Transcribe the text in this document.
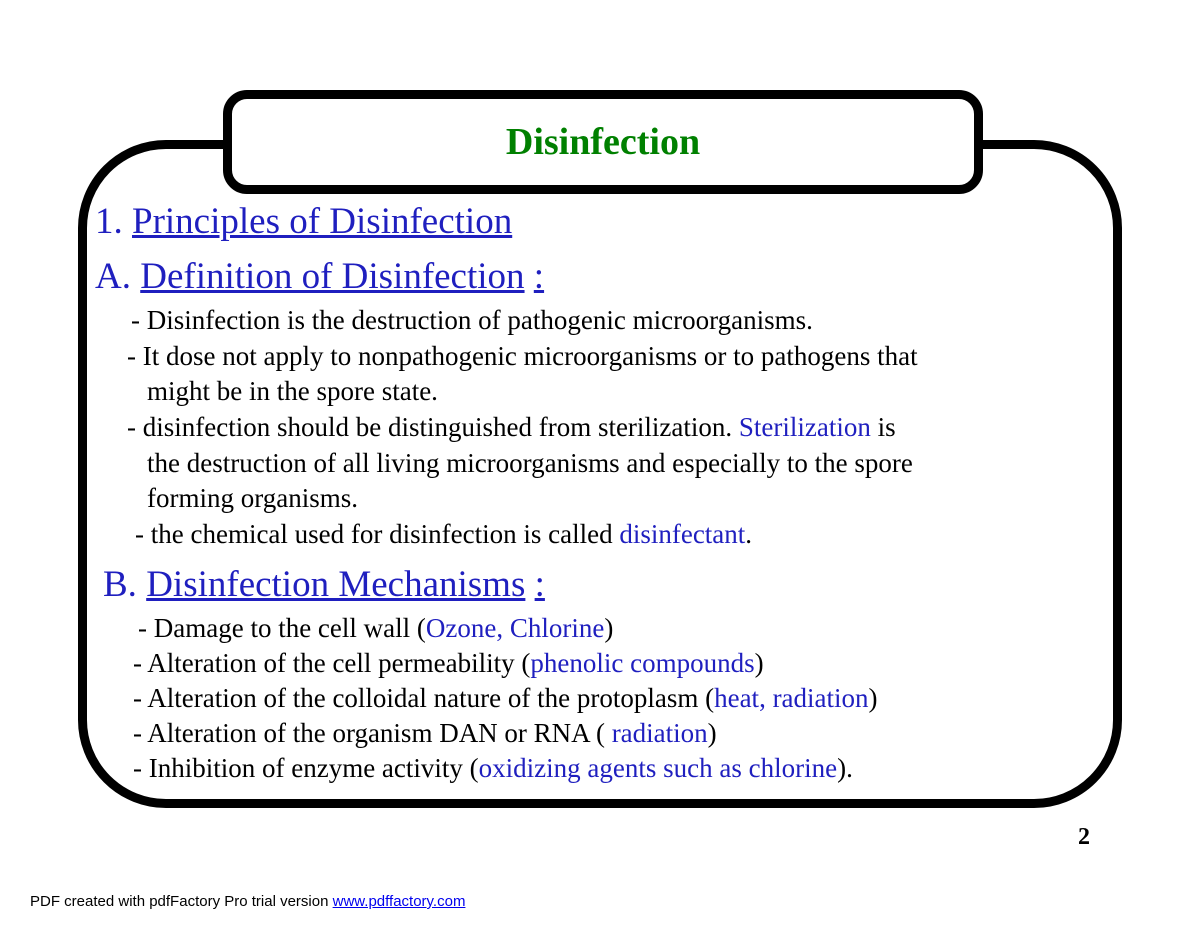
Disinfection
1. Principles of Disinfection
A. Definition of Disinfection :
- Disinfection is the destruction of pathogenic microorganisms.
- It dose not apply to nonpathogenic microorganisms or to pathogens that
might be in the spore state.
- disinfection should be distinguished from sterilization. Sterilization is
the destruction of all living microorganisms and especially to the spore
forming organisms.
- the chemical used for disinfection is called disinfectant.
B. Disinfection Mechanisms :
- Damage to the cell wall (Ozone, Chlorine)
- Alteration of the cell permeability (phenolic compounds)
- Alteration of the colloidal nature of the protoplasm (heat, radiation)
- Alteration of the organism DAN or RNA ( radiation)
- Inhibition of enzyme activity (oxidizing agents such as chlorine).
2
PDF created with pdfFactory Pro trial version www.pdffactory.com
